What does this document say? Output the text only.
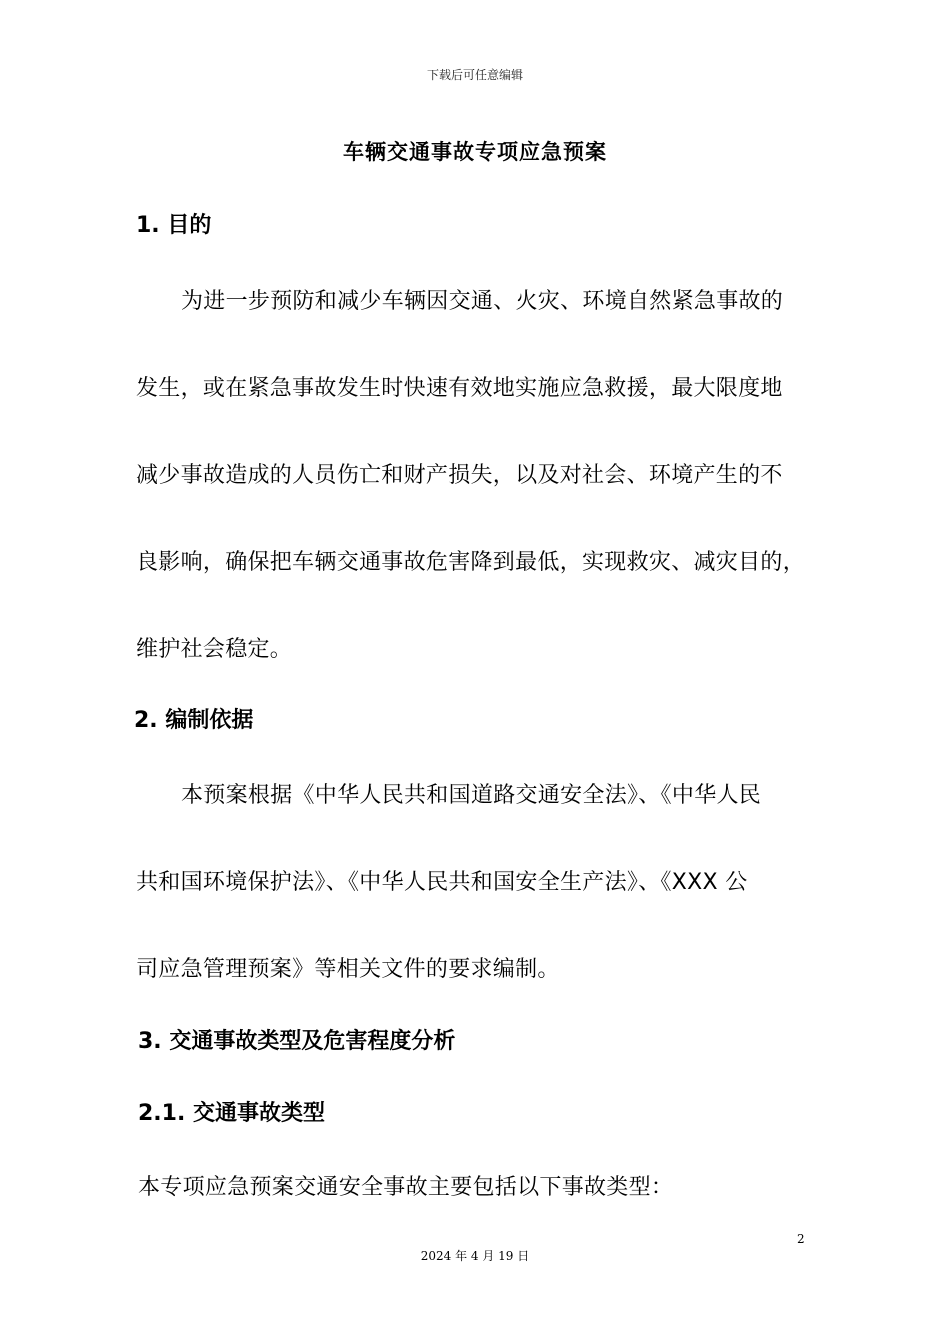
下载后可任意编辑
车辆交通事故专项应急预案
1. 目的
为进一步预防和减少车辆因交通、火灾、环境自然紧急事故的
发生，或在紧急事故发生时快速有效地实施应急救援，最大限度地
减少事故造成的人员伤亡和财产损失，以及对社会、环境产生的不
良影响，确保把车辆交通事故危害降到最低，实现救灾、减灾目的，
维护社会稳定。
2. 编制依据
本预案根据《中华人民共和国道路交通安全法》、《中华人民
共和国环境保护法》、《中华人民共和国安全生产法》、《XXX 公
司应急管理预案》等相关文件的要求编制。
3. 交通事故类型及危害程度分析
2.1. 交通事故类型
本专项应急预案交通安全事故主要包括以下事故类型：
2
2024 年 4 月 19 日
